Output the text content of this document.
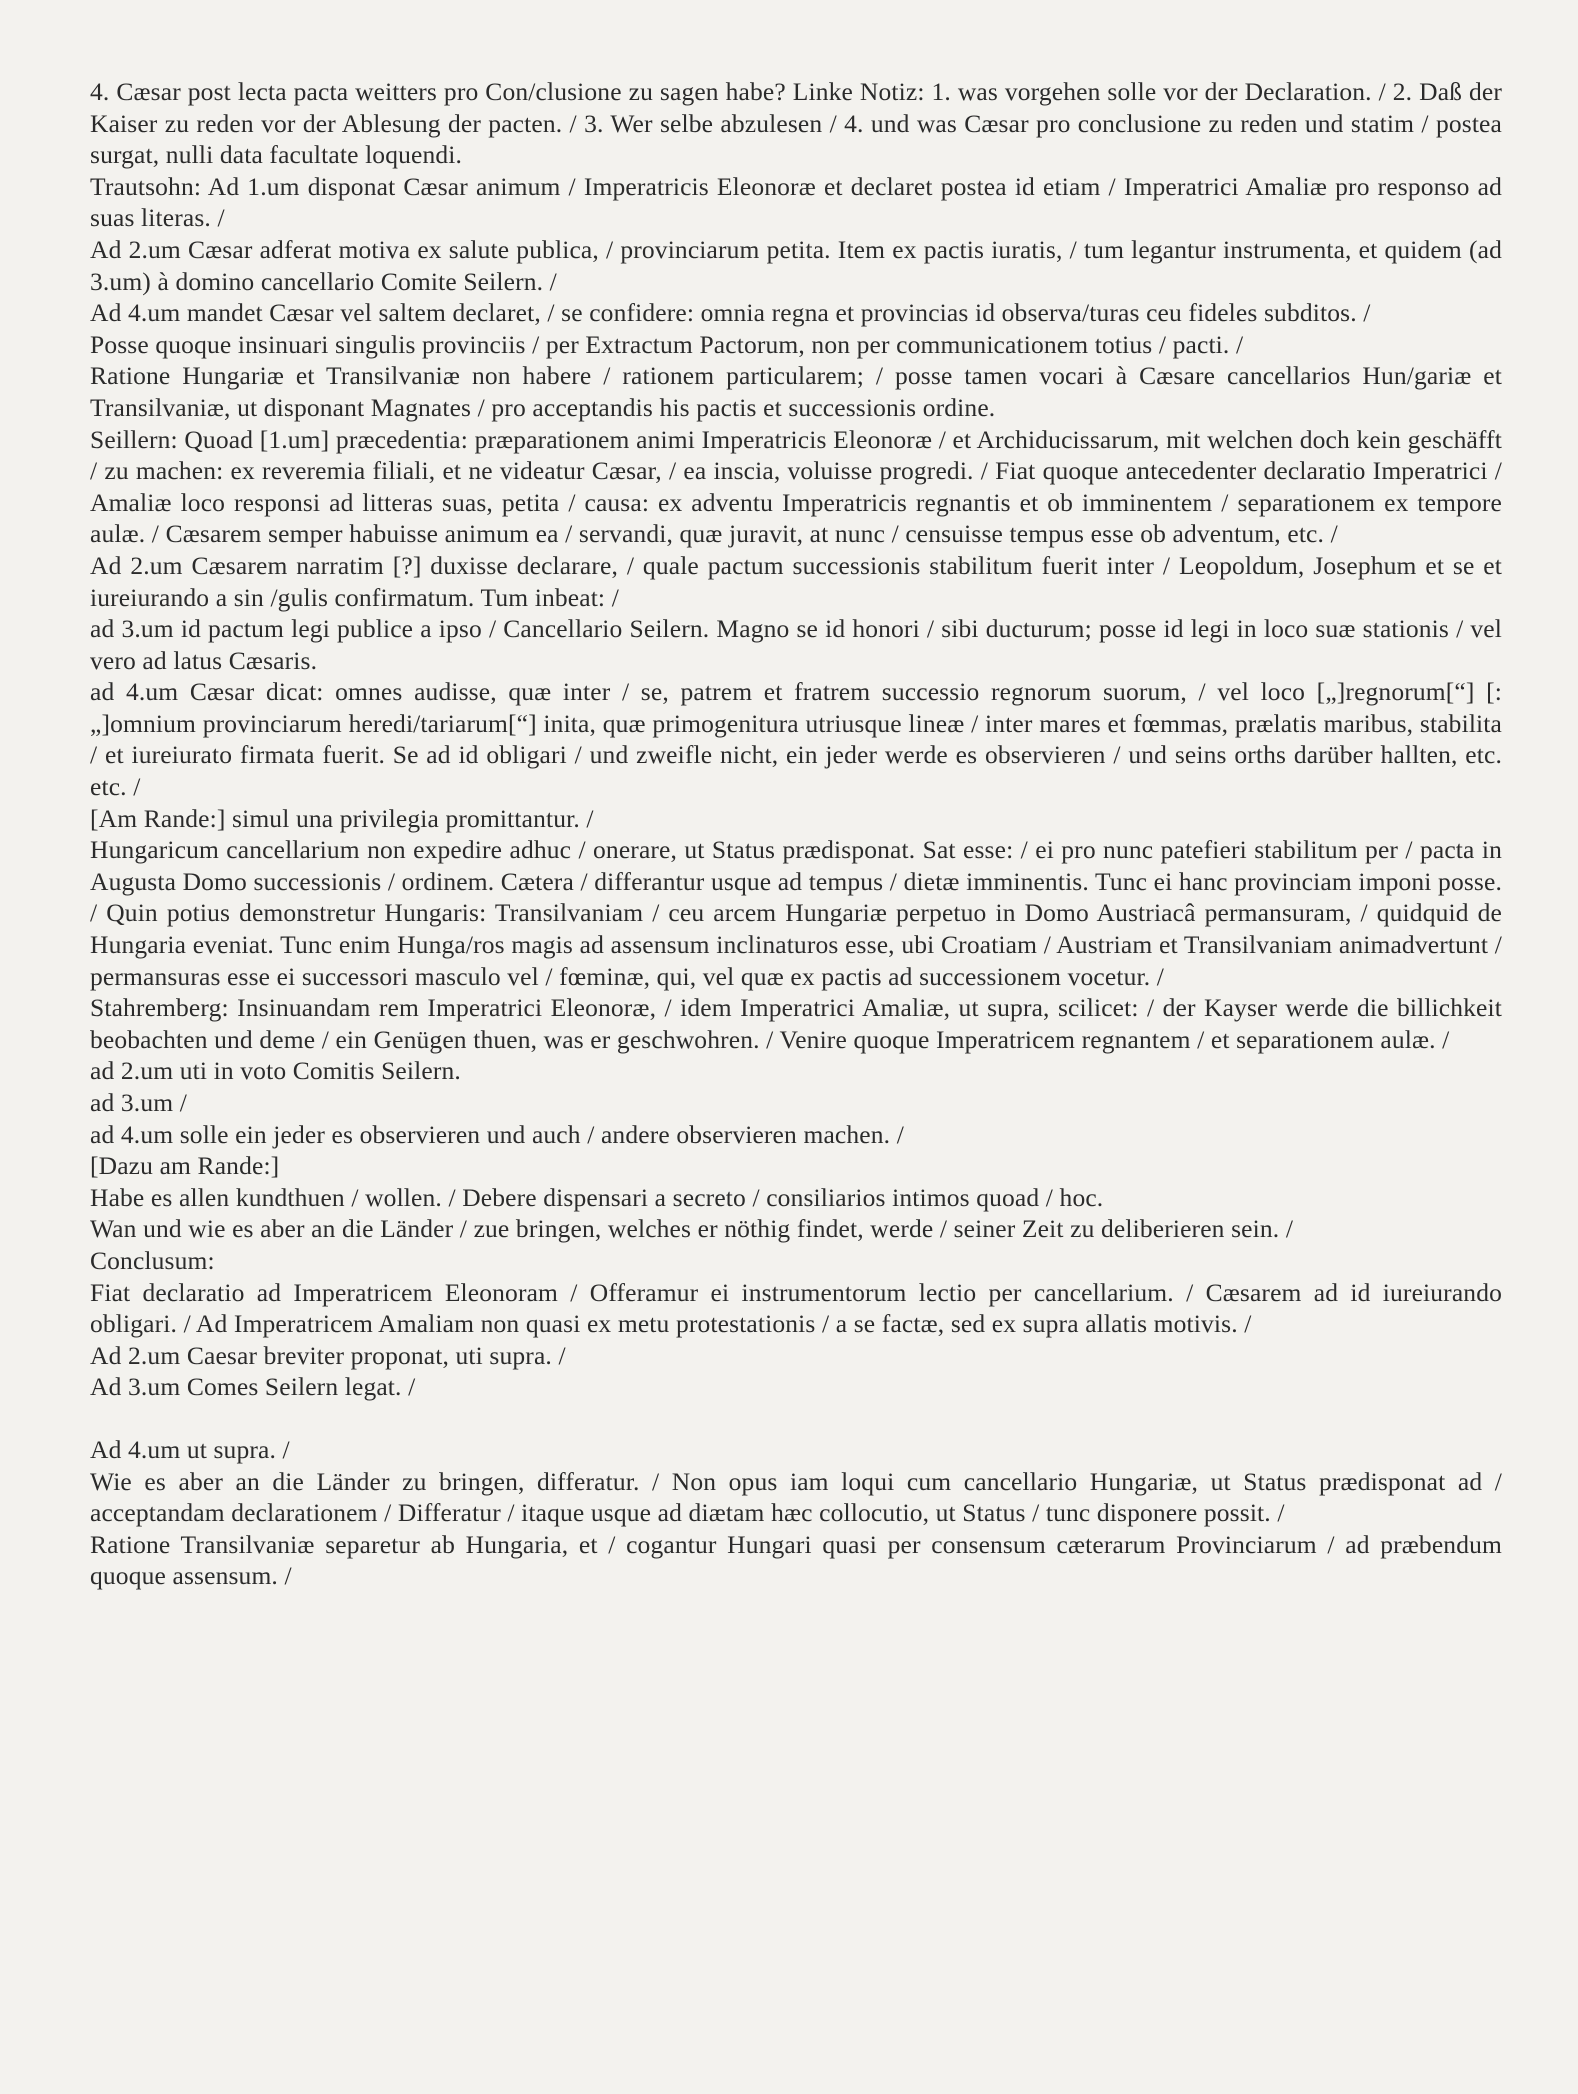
4. Cæsar post lecta pacta weitters pro Con/clusione zu sagen habe? Linke Notiz: 1. was vorgehen solle vor der Declaration. / 2. Daß der Kaiser zu reden vor der Ablesung der pacten. / 3. Wer selbe abzulesen / 4. und was Cæsar pro conclusione zu reden und statim / postea surgat, nulli data facultate loquendi.

Trautsohn: Ad 1.um disponat Cæsar animum / Imperatricis Eleonoræ et declaret postea id etiam / Imperatrici Amaliæ pro responso ad suas literas. /

Ad 2.um Cæsar adferat motiva ex salute publica, / provinciarum petita. Item ex pactis iuratis, / tum legantur instrumenta, et quidem (ad 3.um) à domino cancellario Comite Seilern. /

Ad 4.um mandet Cæsar vel saltem declaret, / se confidere: omnia regna et provincias id observa/turas ceu fideles subditos. /

Posse quoque insinuari singulis provinciis / per Extractum Pactorum, non per communicationem totius / pacti. /

Ratione Hungariæ et Transilvaniæ non habere / rationem particularem; / posse tamen vocari à Cæsare cancellarios Hun/gariæ et Transilvaniæ, ut disponant Magnates / pro acceptandis his pactis et successionis ordine.

Seillern: Quoad [1.um] præcedentia: præparationem animi Imperatricis Eleonoræ / et Archiducissarum, mit welchen doch kein geschäfft / zu machen: ex reveremia filiali, et ne videatur Cæsar, / ea inscia, voluisse progredi. / Fiat quoque antecedenter declaratio Imperatrici / Amaliæ loco responsi ad litteras suas, petita / causa: ex adventu Imperatricis regnantis et ob imminentem / separationem ex tempore aulæ. / Cæsarem semper habuisse animum ea / servandi, quæ juravit, at nunc / censuisse tempus esse ob adventum, etc. /

Ad 2.um Cæsarem narratim [?] duxisse declarare, / quale pactum successionis stabilitum fuerit inter / Leopoldum, Josephum et se et iureiurando a sin /gulis confirmatum. Tum inbeat: /

ad 3.um id pactum legi publice a ipso / Cancellario Seilern. Magno se id honori / sibi ducturum; posse id legi in loco suæ stationis / vel vero ad latus Cæsaris.

ad 4.um Cæsar dicat: omnes audisse, quæ inter / se, patrem et fratrem successio regnorum suorum, / vel loco [„]regnorum[“] [:„]omnium provinciarum heredi/tariarum[“] inita, quæ primogenitura utriusque lineæ / inter mares et fœmmas, prælatis maribus, stabilita / et iureiurato firmata fuerit. Se ad id obligari / und zweifle nicht, ein jeder werde es observieren / und seins orths darüber hallten, etc. etc. /

[Am Rande:] simul una privilegia promittantur. /

Hungaricum cancellarium non expedire adhuc / onerare, ut Status prædisponat. Sat esse: / ei pro nunc patefieri stabilitum per / pacta in Augusta Domo successionis / ordinem. Cætera / differantur usque ad tempus / dietæ imminentis. Tunc ei hanc provinciam imponi posse. / Quin potius demonstretur Hungaris: Transilvaniam / ceu arcem Hungariæ perpetuo in Domo Austriacâ permansuram, / quidquid de Hungaria eveniat. Tunc enim Hunga/ros magis ad assensum inclinaturos esse, ubi Croatiam / Austriam et Transilvaniam animadvertunt / permansuras esse ei successori masculo vel / fœminæ, qui, vel quæ ex pactis ad successionem vocetur. /

Stahremberg: Insinuandam rem Imperatrici Eleonoræ, / idem Imperatrici Amaliæ, ut supra, scilicet: / der Kayser werde die billichkeit beobachten und deme / ein Genügen thuen, was er geschwohren. / Venire quoque Imperatricem regnantem / et separationem aulæ. /

ad 2.um uti in voto Comitis Seilern.

ad 3.um /

ad 4.um solle ein jeder es observieren und auch / andere observieren machen. /

[Dazu am Rande:]

Habe es allen kundthuen / wollen. / Debere dispensari a secreto / consiliarios intimos quoad / hoc.

Wan und wie es aber an die Länder / zue bringen, welches er nöthig findet, werde / seiner Zeit zu deliberieren sein. /

Conclusum:

Fiat declaratio ad Imperatricem Eleonoram / Offeramur ei instrumentorum lectio per cancellarium. / Cæsarem ad id iureiurando obligari. / Ad Imperatricem Amaliam non quasi ex metu protestationis / a se factæ, sed ex supra allatis motivis. /

Ad 2.um Caesar breviter proponat, uti supra. /

Ad 3.um Comes Seilern legat. /

Ad 4.um ut supra. /

Wie es aber an die Länder zu bringen, differatur. / Non opus iam loqui cum cancellario Hungariæ, ut Status prædisponat ad / acceptandam declarationem / Differatur / itaque usque ad diætam hæc collocutio, ut Status / tunc disponere possit. /

Ratione Transilvaniæ separetur ab Hungaria, et / cogantur Hungari quasi per consensum cæterarum Provinciarum / ad præbendum quoque assensum. /
